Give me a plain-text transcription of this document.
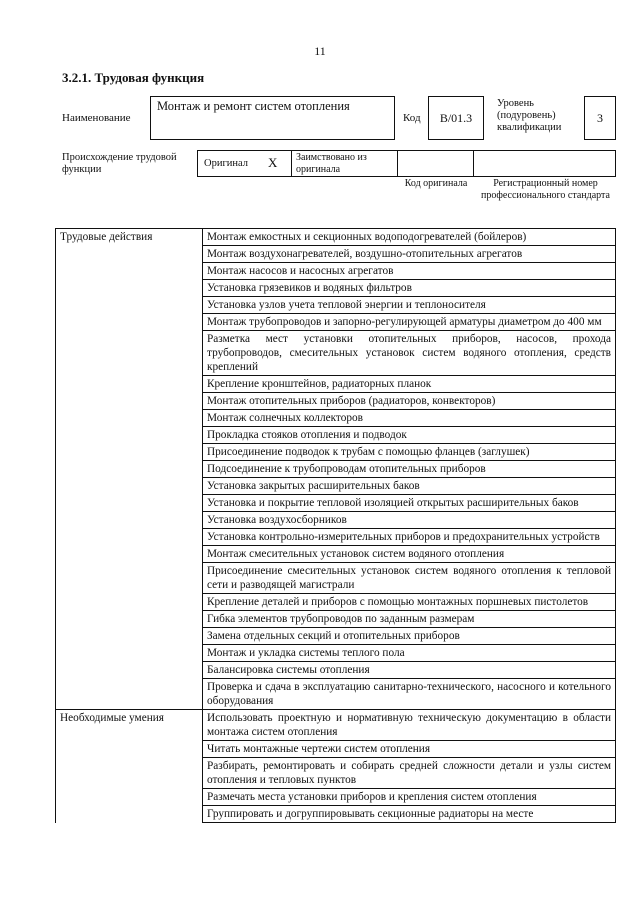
11
3.2.1. Трудовая функция
Наименование
Монтаж и ремонт систем отопления
Код	B/01.3
Уровень (подуровень) квалификации
3
Происхождение трудовой функции
Оригинал X	Заимствовано из оригинала
Код оригинала	Регистрационный номер профессионального стандарта
Трудовые действия	Монтаж емкостных и секционных водоподогревателей (бойлеров)
	Монтаж воздухонагревателей, воздушно-отопительных агрегатов
	Монтаж насосов и насосных агрегатов
	Установка грязевиков и водяных фильтров
	Установка узлов учета тепловой энергии и теплоносителя
	Монтаж трубопроводов и запорно-регулирующей арматуры диаметром до 400 мм
	Разметка мест установки отопительных приборов, насосов, прохода трубопроводов, смесительных установок систем водяного отопления, средств креплений
	Крепление кронштейнов, радиаторных планок
	Монтаж отопительных приборов (радиаторов, конвекторов)
	Монтаж солнечных коллекторов
	Прокладка стояков отопления и подводок
	Присоединение подводок к трубам с помощью фланцев (заглушек)
	Подсоединение к трубопроводам отопительных приборов
	Установка закрытых расширительных баков
	Установка и покрытие тепловой изоляцией открытых расширительных баков
	Установка воздухосборников
	Установка контрольно-измерительных приборов и предохранительных устройств
	Монтаж смесительных установок систем водяного отопления
	Присоединение смесительных установок систем водяного отопления к тепловой сети и разводящей магистрали
	Крепление деталей и приборов с помощью монтажных поршневых пистолетов
	Гибка элементов трубопроводов по заданным размерам
	Замена отдельных секций и отопительных приборов
	Монтаж и укладка системы теплого пола
	Балансировка системы отопления
	Проверка и сдача в эксплуатацию санитарно-технического, насосного и котельного оборудования
Необходимые умения	Использовать проектную и нормативную техническую документацию в области монтажа систем отопления
	Читать монтажные чертежи систем отопления
	Разбирать, ремонтировать и собирать средней сложности детали и узлы систем отопления и тепловых пунктов
	Размечать места установки приборов и крепления систем отопления
	Группировать и догруппировывать секционные радиаторы на месте
